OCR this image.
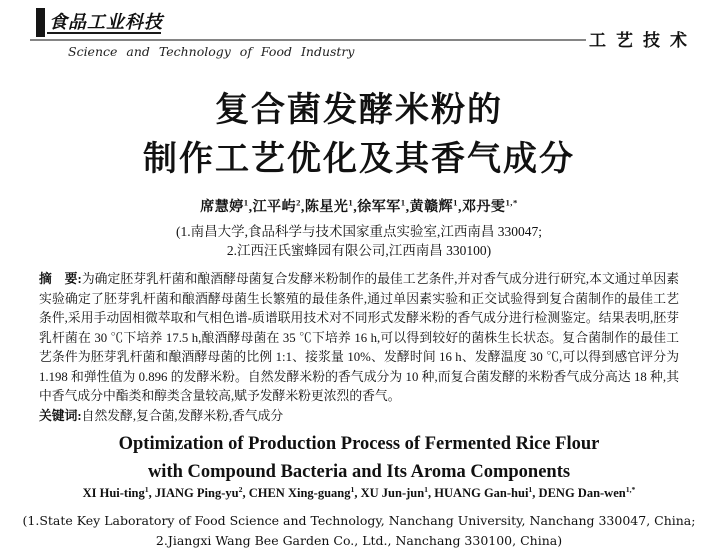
食品工业科技
工艺技术
Science and Technology of Food Industry
复合菌发酵米粉的
制作工艺优化及其香气成分
席慧婷$^1$,江平屿$^2$,陈星光$^1$,徐军军$^1$,黄赣辉$^1$,邓丹雯$^{1,*}$
(1.南昌大学,食品科学与技术国家重点实验室,江西南昌 330047;
2.江西汪氏蜜蜂园有限公司,江西南昌 330100)

摘　要:为确定胚芽乳杆菌和酿酒酵母菌复合发酵米粉制作的最佳工艺条件,并对香气成分进行研究,本文通过单因素实验确定了胚芽乳杆菌和酿酒酵母菌生长繁殖的最佳条件,通过单因素实验和正交试验得到复合菌制作的最佳工艺条件,采用手动固相微萃取和气相色谱-质谱联用技术对不同形式发酵米粉的香气成分进行检测鉴定。结果表明,胚芽乳杆菌在 30 ℃下培养 17.5 h,酿酒酵母菌在 35 ℃下培养 16 h,可以得到较好的菌株生长状态。复合菌制作的最佳工艺条件为胚芽乳杆菌和酿酒酵母菌的比例 1:1、接浆量 10%、发酵时间 16 h、发酵温度 30 ℃,可以得到感官评分为 1.198 和弹性值为 0.896 的发酵米粉。自然发酵米粉的香气成分为 10 种,而复合菌发酵的米粉香气成分高达 18 种,其中香气成分中酯类和醇类含量较高,赋予发酵米粉更浓烈的香气。

关键词:自然发酵,复合菌,发酵米粉,香气成分

Optimization of Production Process of Fermented Rice Flour
with Compound Bacteria and Its Aroma Components
XI Hui-ting$^1$, JIANG Ping-$yu^2$, CHEN Xing-guang$^1$, XU Jun-jun$^1$, HUANG Gan-hui$^1$, DENG Dan-wen$^{1,*}$
(1.State Key Laboratory of Food Science and Technology, Nanchang University, Nanchang 330047, China;
2.Jiangxi Wang Bee Garden Co., Ltd., Nanchang 330100, China)
